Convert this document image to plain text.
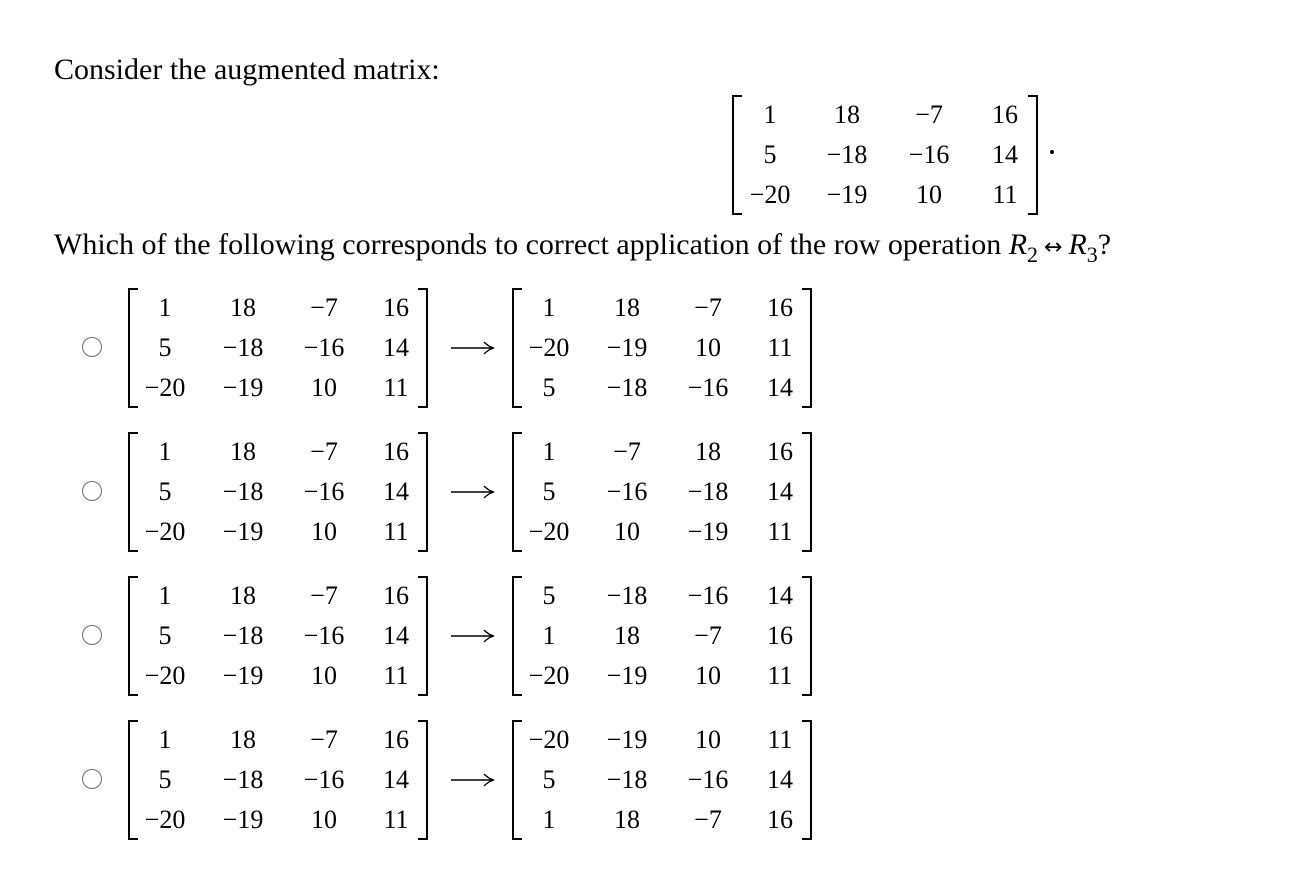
Consider the augmented matrix:
1	18	−7	16
5	−18	−16	14
−20	−19	10	11

Which of the following corresponds to correct application of the row operation $R_2$ ↔ $R_3$?

1	18	−7	16
5	−18	−16	14
−20	−19	10	11
1	18	−7	16
−20	−19	10	11
5	−18	−16	14
1	18	−7	16
5	−18	−16	14
−20	−19	10	11
1	−7	18	16
5	−16	−18	14
−20	10	−19	11
1	18	−7	16
5	−18	−16	14
−20	−19	10	11
5	−18	−16	14
1	18	−7	16
−20	−19	10	11
1	18	−7	16
5	−18	−16	14
−20	−19	10	11
−20	−19	10	11
5	−18	−16	14
1	18	−7	16
